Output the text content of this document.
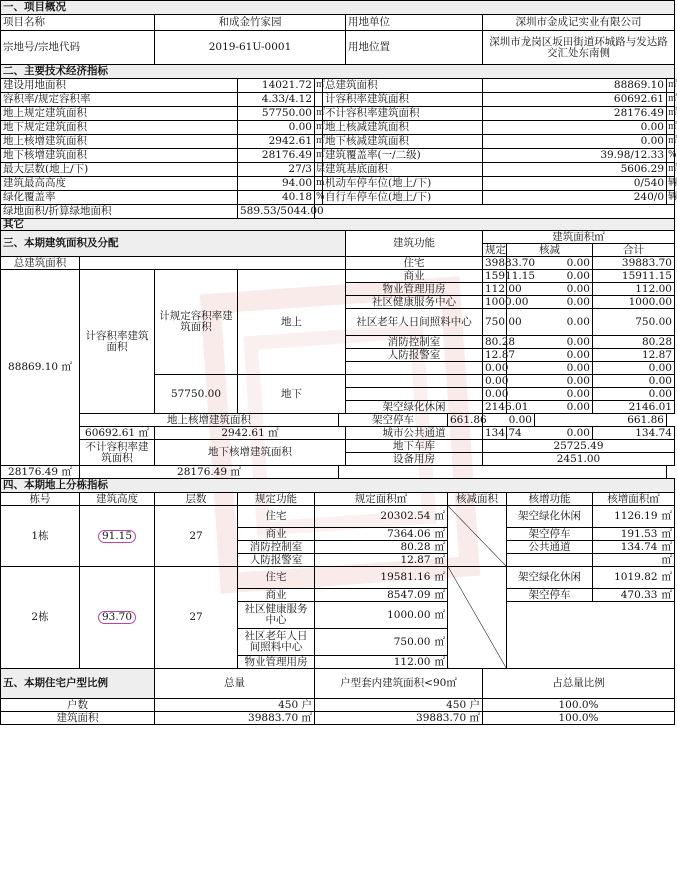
一、项目概况													
项目名称		和成金竹家园					用地单位		深圳市金成记实业有限公司				
宗地号/宗地代码		2019-61U-0001					用地位置		深圳市龙岗区坂田街道环城路与发达路交汇处东南侧				
二、主要技术经济指标													
建设用地面积			14021.72	㎡	总建筑面积				88869.10				㎡
容积率/规定容积率			4.33/4.12		计容积率建筑面积				60692.61				㎡
地上规定建筑面积			57750.00	㎡	不计容积率建筑面积				28176.49				㎡
地下规定建筑面积			0.00	㎡	地上核减建筑面积				0.00				㎡
地上核增建筑面积			2942.61	㎡	地下核减建筑面积				0.00				㎡
地下核增建筑面积			28176.49	㎡	建筑覆盖率(一/二级)				39.98/12.33				%
最大层数(地上/下)			27/3	层	建筑基底面积				5606.29				㎡
建筑最高高度			94.00	m	机动车停车位(地上/下)				0/540				辆
绿化覆盖率			40.18	%	自行车停车位(地上/下)				240/0				辆
绿地面积/折算绿地面积			589.53/5044.00										
其它													
三、本期建筑面积及分配							建筑功能		建筑面积㎡				
									规定	核减		合计	
总建筑面积							住宅		39883.70	0.00		39883.70	
88869.10 ㎡	计容积率建筑面积	计规定容积率建筑面积	地上				商业		15911.15	0.00		15911.15	
							物业管理用房		112.00	0.00		112.00	
							社区健康服务中心		1000.00	0.00		1000.00	
							社区老年人日间照料中心		750.00	0.00		750.00	
							消防控制室		80.28	0.00		80.28	
							人防报警室		12.87	0.00		12.87	
									0.00	0.00		0.00	
		57750.00	地下						0.00	0.00		0.00	
									0.00	0.00		0.00	
							架空绿化休闲		2146.01	0.00		2146.01	
	地上核增建筑面积					架空停车		661.86	0.00		661.86		
	60692.61 ㎡	2942.61 ㎡					城市公共通道		134.74	0.00		134.74	
	不计容积率建筑面积	地下核增建筑面积					地下车库		25725.49				
							设备用房		2451.00				
28176.49 ㎡	28176.49 ㎡												
四、本期地上分栋指标													
栋号	建筑高度	层数	规定功能	规定面积㎡				核减面积		核增功能		核增面积㎡	
1栋	91.15	27	住宅	20302.54 ㎡						架空绿化休闲		1126.19 ㎡	
			商业	7364.06 ㎡						架空停车		191.53 ㎡	
			消防控制室	80.28 ㎡						公共通道		134.74 ㎡	
			人防报警室	12.87 ㎡								㎡	
2栋	93.70	27	住宅	19581.16 ㎡						架空绿化休闲		1019.82 ㎡	
			商业	8547.09 ㎡						架空停车		470.33 ㎡	
			社区健康服务中心	1000.00 ㎡									
			社区老年人日间照料中心	750.00 ㎡									
			物业管理用房	112.00 ㎡									
五、本期住宅户型比例		总量		户型套内建筑面积<90㎡					占总量比例				
户数		450 户		450 户					100.0%				
建筑面积		39883.70 ㎡		39883.70 ㎡					100.0%				
